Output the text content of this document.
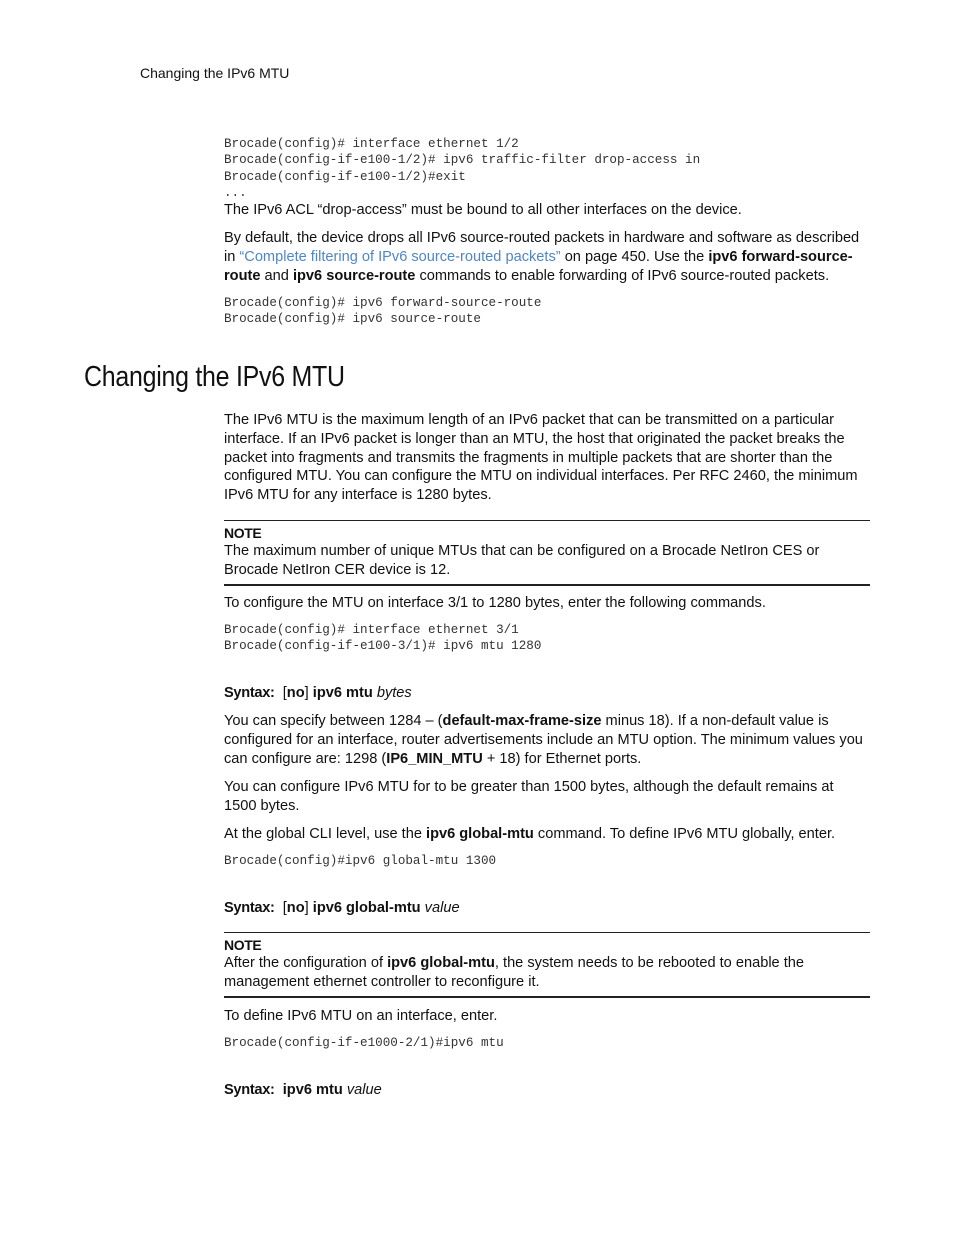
Changing the IPv6 MTU
Brocade(config)# interface ethernet 1/2
Brocade(config-if-e100-1/2)# ipv6 traffic-filter drop-access in
Brocade(config-if-e100-1/2)#exit
...

The IPv6 ACL “drop-access” must be bound to all other interfaces on the device.

By default, the device drops all IPv6 source-routed packets in hardware and software as described in “Complete filtering of IPv6 source-routed packets” on page 450. Use the ipv6 forward-source-route and ipv6 source-route commands to enable forwarding of IPv6 source-routed packets.

Brocade(config)# ipv6 forward-source-route
Brocade(config)# ipv6 source-route
Changing the IPv6 MTU

The IPv6 MTU is the maximum length of an IPv6 packet that can be transmitted on a particular interface. If an IPv6 packet is longer than an MTU, the host that originated the packet breaks the packet into fragments and transmits the fragments in multiple packets that are shorter than the configured MTU. You can configure the MTU on individual interfaces. Per RFC 2460, the minimum IPv6 MTU for any interface is 1280 bytes.

NOTE

The maximum number of unique MTUs that can be configured on a Brocade NetIron CES or Brocade NetIron CER device is 12.

To configure the MTU on interface 3/1 to 1280 bytes, enter the following commands.

Brocade(config)# interface ethernet 3/1
Brocade(config-if-e100-3/1)# ipv6 mtu 1280
Syntax: [no] ipv6 mtu bytes

You can specify between 1284 – (default-max-frame-size minus 18). If a non-default value is configured for an interface, router advertisements include an MTU option. The minimum values you can configure are: 1298 (IP6_MIN_MTU + 18) for Ethernet ports.

You can configure IPv6 MTU for to be greater than 1500 bytes, although the default remains at 1500 bytes.

At the global CLI level, use the ipv6 global-mtu command. To define IPv6 MTU globally, enter.

Brocade(config)#ipv6 global-mtu 1300
Syntax: [no] ipv6 global-mtu value
NOTE

After the configuration of ipv6 global-mtu, the system needs to be rebooted to enable the management ethernet controller to reconfigure it.

To define IPv6 MTU on an interface, enter.

Brocade(config-if-e1000-2/1)#ipv6 mtu
Syntax: ipv6 mtu value
